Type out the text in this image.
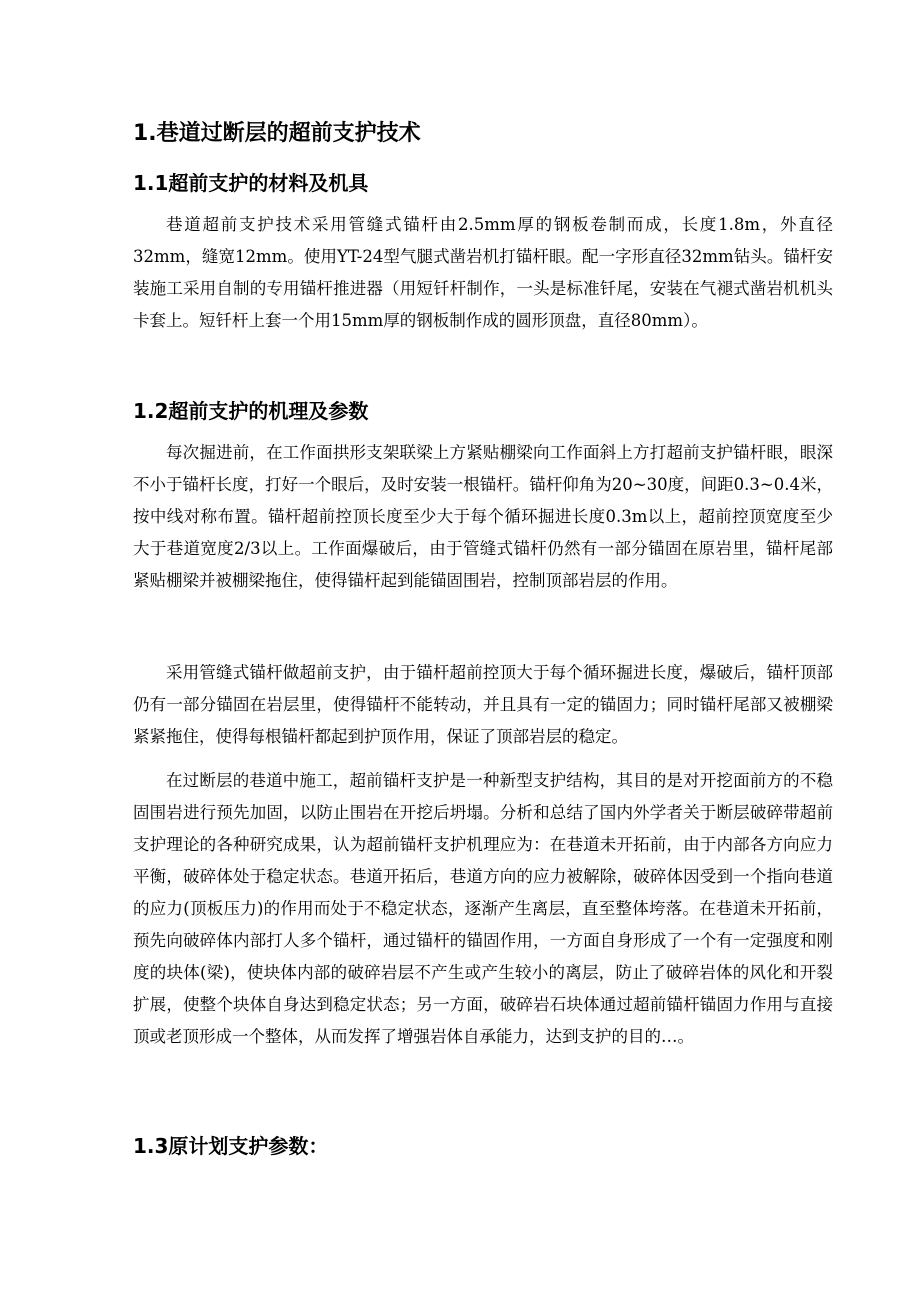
1.巷道过断层的超前支护技术
1.1超前支护的材料及机具

巷道超前支护技术采用管缝式锚杆由2.5mm厚的钢板卷制而成，长度1.8m，外直径32mm，缝宽12mm。使用YT-24型气腿式凿岩机打锚杆眼。配一字形直径32mm钻头。锚杆安装施工采用自制的专用锚杆推进器（用短钎杆制作，一头是标准钎尾，安装在气褪式凿岩机机头卡套上。短钎杆上套一个用15mm厚的钢板制作成的圆形顶盘，直径80mm）。

1.2超前支护的机理及参数

每次掘进前，在工作面拱形支架联梁上方紧贴棚梁向工作面斜上方打超前支护锚杆眼，眼深不小于锚杆长度，打好一个眼后，及时安装一根锚杆。锚杆仰角为20~30度，间距0.3~0.4米，按中线对称布置。锚杆超前控顶长度至少大于每个循环掘进长度0.3m以上，超前控顶宽度至少大于巷道宽度2/3以上。工作面爆破后，由于管缝式锚杆仍然有一部分锚固在原岩里，锚杆尾部紧贴棚梁并被棚梁拖住，使得锚杆起到能锚固围岩，控制顶部岩层的作用。

采用管缝式锚杆做超前支护，由于锚杆超前控顶大于每个循环掘进长度，爆破后，锚杆顶部仍有一部分锚固在岩层里，使得锚杆不能转动，并且具有一定的锚固力；同时锚杆尾部又被棚梁紧紧拖住，使得每根锚杆都起到护顶作用，保证了顶部岩层的稳定。

在过断层的巷道中施工，超前锚杆支护是一种新型支护结构，其目的是对开挖面前方的不稳固围岩进行预先加固，以防止围岩在开挖后坍塌。分析和总结了国内外学者关于断层破碎带超前支护理论的各种研究成果，认为超前锚杆支护机理应为：在巷道未开拓前，由于内部各方向应力平衡，破碎体处于稳定状态。巷道开拓后，巷道方向的应力被解除，破碎体因受到一个指向巷道的应力(顶板压力)的作用而处于不稳定状态，逐渐产生离层，直至整体垮落。在巷道未开拓前，预先向破碎体内部打人多个锚杆，通过锚杆的锚固作用，一方面自身形成了一个有一定强度和刚度的块体(梁)，使块体内部的破碎岩层不产生或产生较小的离层，防止了破碎岩体的风化和开裂扩展，使整个块体自身达到稳定状态；另一方面，破碎岩石块体通过超前锚杆锚固力作用与直接顶或老顶形成一个整体，从而发挥了增强岩体自承能力，达到支护的目的…。

1.3原计划支护参数：
